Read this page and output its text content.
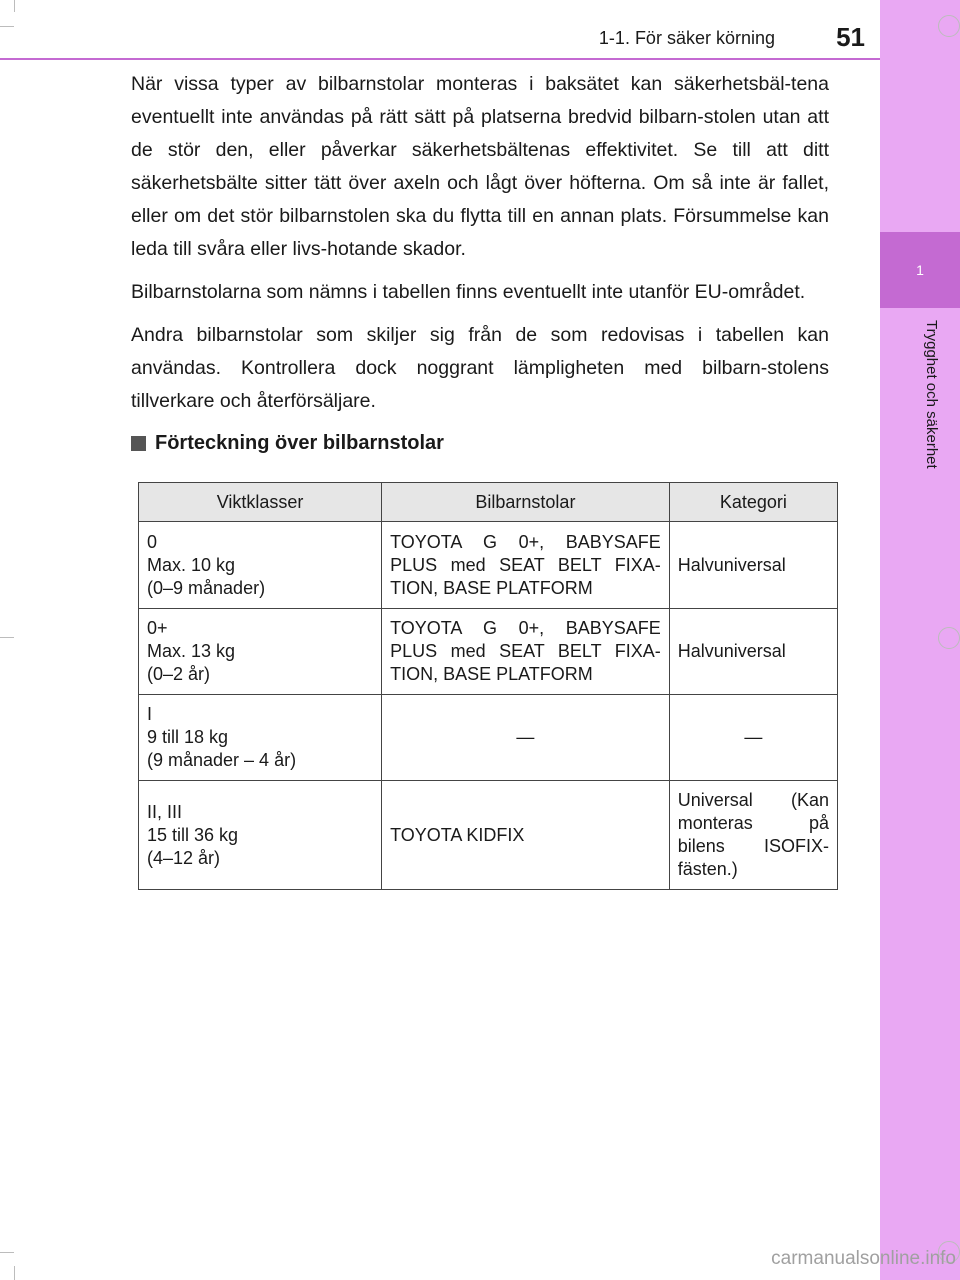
1
Trygghet och säkerhet
1-1. För säker körning	51

När vissa typer av bilbarnstolar monteras i baksätet kan säkerhetsbäl-tena eventuellt inte användas på rätt sätt på platserna bredvid bilbarn-stolen utan att de stör den, eller påverkar säkerhetsbältenas effektivitet. Se till att ditt säkerhetsbälte sitter tätt över axeln och lågt över höfterna. Om så inte är fallet, eller om det stör bilbarnstolen ska du flytta till en annan plats. Försummelse kan leda till svåra eller livs-hotande skador.

Bilbarnstolarna som nämns i tabellen finns eventuellt inte utanför EU-området.

Andra bilbarnstolar som skiljer sig från de som redovisas i tabellen kan användas. Kontrollera dock noggrant lämpligheten med bilbarn-stolens tillverkare och återförsäljare.

Förteckning över bilbarnstolar
Viktklasser	Bilbarnstolar	Kategori

0
Max. 10 kg
(0–9 månader)	TOYOTA G 0+, BABYSAFE PLUS med SEAT BELT FIXA-TION, BASE PLATFORM	Halvuniversal

0+
Max. 13 kg
(0–2 år)	TOYOTA G 0+, BABYSAFE PLUS med SEAT BELT FIXA-TION, BASE PLATFORM	Halvuniversal

I
9 till 18 kg
(9 månader – 4 år)	—	—

II, III
15 till 36 kg
(4–12 år)	TOYOTA KIDFIX	Universal (Kan monteras på bilens ISOFIX-fästen.)
carmanualsonline.info
